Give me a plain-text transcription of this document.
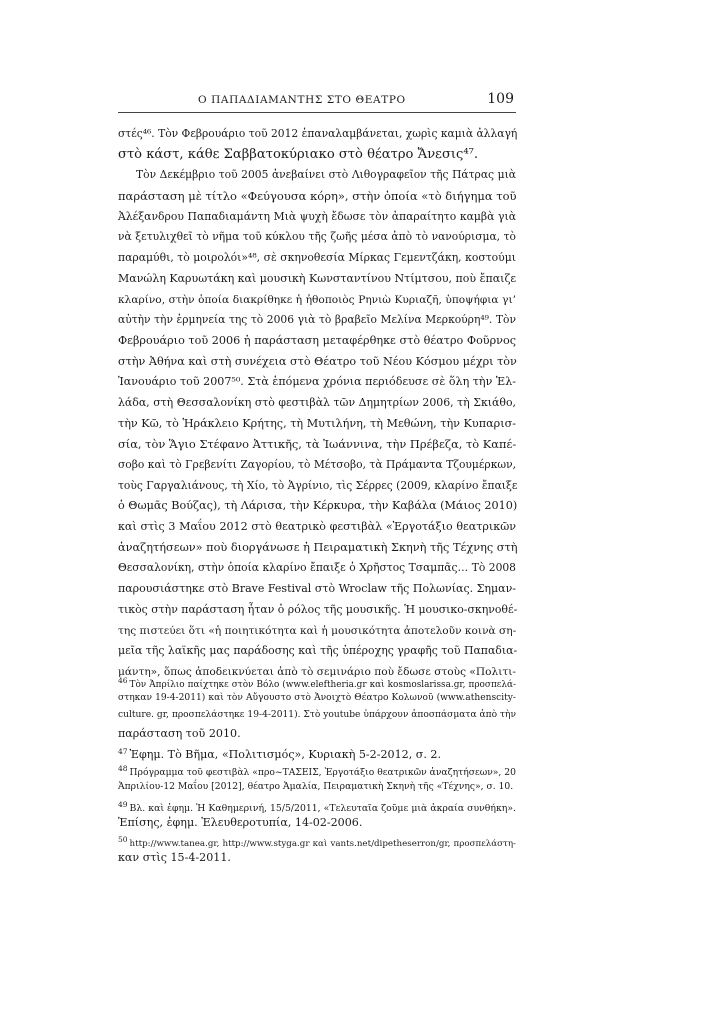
Ο ΠΑΠΑΔΙΑΜΑΝΤΗΣ ΣΤΟ ΘΕΑΤΡΟ	109
στές⁴⁶. Τὸν Φεβρουάριο τοῦ 2012 ἐπαναλαμβάνεται, χωρὶς καμιὰ ἀλλαγή
στὸ κάστ, κάθε Σαββατοκύριακο στὸ θέατρο Ἄνεσις⁴⁷.
Τὸν Δεκέμβριο τοῦ 2005 ἀνεβαίνει στὸ Λιθογραφεῖον τῆς Πάτρας μιὰ
παράσταση μὲ τίτλο «Φεύγουσα κόρη», στὴν ὁποία «τὸ διήγημα τοῦ
Ἀλέξανδρου Παπαδιαμάντη Μιὰ ψυχὴ ἔδωσε τὸν ἀπαραίτητο καμβὰ γιὰ
νὰ ξετυλιχθεῖ τὸ νῆμα τοῦ κύκλου τῆς ζωῆς μέσα ἀπὸ τὸ νανούρισμα, τὸ
παραμύθι, τὸ μοιρολόι»⁴⁸, σὲ σκηνοθεσία Μίρκας Γεμεντζάκη, κοστούμι
Μανώλη Καρυωτάκη καὶ μουσικὴ Κωνσταντίνου Ντίμτσου, ποὺ ἔπαιζε
κλαρίνο, στὴν ὁποία διακρίθηκε ἡ ἠθοποιὸς Ρηνιὼ Κυριαζῆ, ὑποψήφια γι’
αὐτὴν τὴν ἑρμηνεία της τὸ 2006 γιὰ τὸ βραβεῖο Μελίνα Μερκούρη⁴⁹. Τὸν
Φεβρουάριο τοῦ 2006 ἡ παράσταση μεταφέρθηκε στὸ θέατρο Φοῦρνος
στὴν Ἀθήνα καὶ στὴ συνέχεια στὸ Θέατρο τοῦ Νέου Κόσμου μέχρι τὸν
Ἰανουάριο τοῦ 2007⁵⁰. Στὰ ἑπόμενα χρόνια περιόδευσε σὲ ὅλη τὴν Ἑλ-
λάδα, στὴ Θεσσαλονίκη στὸ φεστιβὰλ τῶν Δημητρίων 2006, τὴ Σκιάθο,
τὴν Κῶ, τὸ Ἡράκλειο Κρήτης, τὴ Μυτιλήνη, τὴ Μεθώνη, τὴν Κυπαρισ-
σία, τὸν Ἅγιο Στέφανο Ἀττικῆς, τὰ Ἰωάννινα, τὴν Πρέβεζα, τὸ Καπέ-
σοβο καὶ τὸ Γρεβενίτι Ζαγορίου, τὸ Μέτσοβο, τὰ Πράμαντα Τζουμέρκων,
τοὺς Γαργαλιάνους, τὴ Χίο, τὸ Ἀγρίνιο, τὶς Σέρρες (2009, κλαρίνο ἔπαιξε
ὁ Θωμᾶς Βούζας), τὴ Λάρισα, τὴν Κέρκυρα, τὴν Καβάλα (Μάιος 2010)
καὶ στὶς 3 Μαΐου 2012 στὸ θεατρικὸ φεστιβὰλ «Ἐργοτάξιο θεατρικῶν
ἀναζητήσεων» ποὺ διοργάνωσε ἡ Πειραματικὴ Σκηνὴ τῆς Τέχνης στὴ
Θεσσαλονίκη, στὴν ὁποία κλαρίνο ἔπαιξε ὁ Χρῆστος Τσαμπᾶς… Τὸ 2008
παρουσιάστηκε στὸ Brave Festival στὸ Wroclaw τῆς Πολωνίας. Σημαν-
τικὸς στὴν παράσταση ἦταν ὁ ρόλος τῆς μουσικῆς. Ἡ μουσικο-σκηνοθέ-
της πιστεύει ὅτι «ἡ ποιητικότητα καὶ ἡ μουσικότητα ἀποτελοῦν κοινὰ ση-
μεῖα τῆς λαϊκῆς μας παράδοσης καὶ τῆς ὑπέροχης γραφῆς τοῦ Παπαδια-
μάντη», ὅπως ἀποδεικνύεται ἀπὸ τὸ σεμινάριο ποὺ ἔδωσε στοὺς «Πολιτι-
$^{46}$ Τὸν Ἀπρίλιο παίχτηκε στὸν Βόλο (www.eleftheria.gr καὶ kosmoslarissa.gr, προσπελά-
στηκαν 19-4-2011) καὶ τὸν Αὔγουστο στὸ Ἀνοιχτὸ Θέατρο Κολωνοῦ (www.athenscity-
culture. gr, προσπελάστηκε 19-4-2011). Στὸ youtube ὑπάρχουν ἀποσπάσματα ἀπὸ τὴν
παράσταση τοῦ 2010.
$^{47}$ Ἐφημ. Τὸ Βῆμα, «Πολιτισμός», Κυριακὴ 5-2-2012, σ. 2.
$^{48}$ Πρόγραμμα τοῦ φεστιβὰλ «προ~ΤΑΣΕΙΣ, Ἐργοτάξιο θεατρικῶν ἀναζητήσεων», 20
Ἀπριλίου-12 Μαΐου [2012], θέατρο Ἀμαλία, Πειραματικὴ Σκηνὴ τῆς «Τέχνης», σ. 10.
$^{49}$ Βλ. καὶ ἐφημ. Ἡ Καθημερινή, 15/5/2011, «Τελευταῖα ζοῦμε μιὰ ἀκραία συνθήκη».
Ἐπίσης, ἐφημ. Ἐλευθεροτυπία, 14-02-2006.
$^{50}$ http://www.tanea.gr, http://www.styga.gr καὶ vants.net/dipetheserron/gr, προσπελάστη-
καν στὶς 15-4-2011.
